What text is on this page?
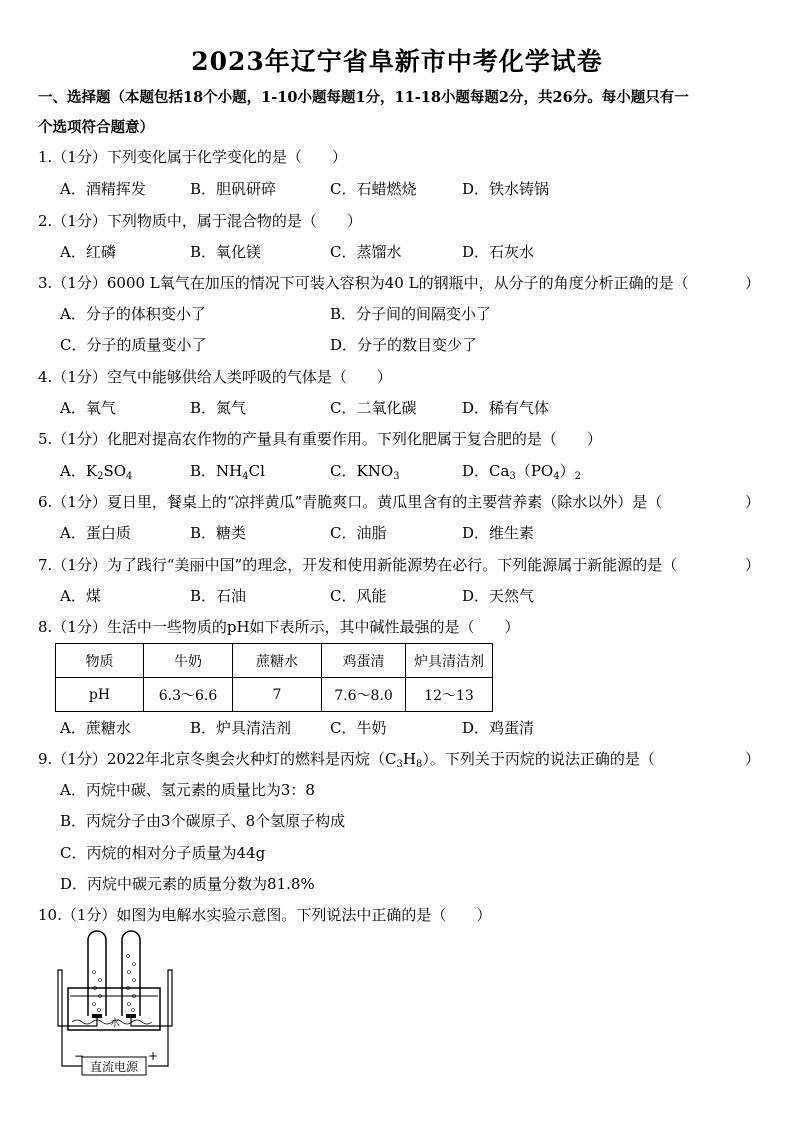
2023年辽宁省阜新市中考化学试卷
一、选择题（本题包括18个小题，1-10小题每题1分，11-18小题每题2分，共26分。每小题只有一
个选项符合题意）
1.（1分）下列变化属于化学变化的是（　　）
A．酒精挥发	B．胆矾研碎	C．石蜡燃烧	D．铁水铸锅
2.（1分）下列物质中，属于混合物的是（　　）
A．红磷	B．氧化镁	C．蒸馏水	D．石灰水
3.（1分）6000 L氧气在加压的情况下可装入容积为40 L的钢瓶中，从分子的角度分析正确的是（	）
A．分子的体积变小了	B．分子间的间隔变小了
C．分子的质量变小了	D．分子的数目变少了
4.（1分）空气中能够供给人类呼吸的气体是（　　）
A．氧气	B．氮气	C．二氧化碳	D．稀有气体
5.（1分）化肥对提高农作物的产量具有重要作用。下列化肥属于复合肥的是（　　）
A．$K_2SO_4$	B．$NH_4Cl$	C．$KNO_3$	D．$Ca_3(PO_4)_2$
6.（1分）夏日里，餐桌上的“凉拌黄瓜”青脆爽口。黄瓜里含有的主要营养素（除水以外）是（	）
A．蛋白质	B．糖类	C．油脂	D．维生素
7.（1分）为了践行“美丽中国”的理念，开发和使用新能源势在必行。下列能源属于新能源的是（	）
A．煤	B．石油	C．风能	D．天然气
8.（1分）生活中一些物质的pH如下表所示，其中碱性最强的是（　　）
物质	牛奶	蔗糖水	鸡蛋清	炉具清洁剂
pH	6.3～6.6	7	7.6～8.0	12～13
A．蔗糖水	B．炉具清洁剂	C．牛奶	D．鸡蛋清
9.（1分）2022年北京冬奥会火种灯的燃料是丙烷$(C_3H_8)$。下列关于丙烷的说法正确的是（	）
A．丙烷中碳、氢元素的质量比为3：8
B．丙烷分子由3个碳原子、8个氢原子构成
C．丙烷的相对分子质量为44g
D．丙烷中碳元素的质量分数为81.8%
10.（1分）如图为电解水实验示意图。下列说法中正确的是（　　）
直流电源
−	+
水
